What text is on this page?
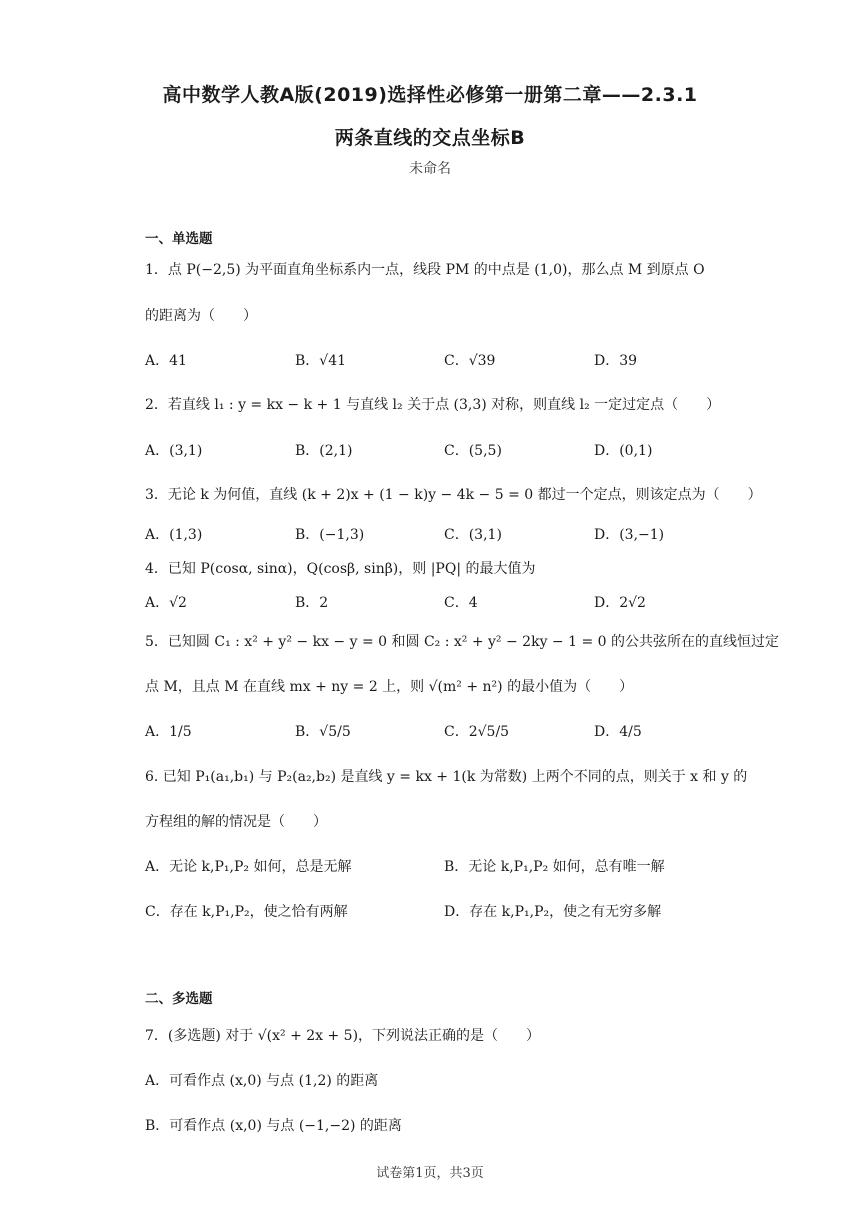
高中数学人教A版(2019)选择性必修第一册第二章——2.3.1
两条直线的交点坐标B
未命名
一、单选题
1．点 P(−2,5) 为平面直角坐标系内一点，线段 PM 的中点是 (1,0)，那么点 M 到原点 O
的距离为（　　）
A．41	B．√41	C．√39	D．39
2．若直线 l₁ : y = kx − k + 1 与直线 l₂ 关于点 (3,3) 对称，则直线 l₂ 一定过定点（　　）
A．(3,1)	B．(2,1)	C．(5,5)	D．(0,1)
3．无论 k 为何值，直线 (k + 2)x + (1 − k)y − 4k − 5 = 0 都过一个定点，则该定点为（　　）
A．(1,3)	B．(−1,3)	C．(3,1)	D．(3,−1)
4．已知 P(cosα, sinα)，Q(cosβ, sinβ)，则 |PQ| 的最大值为
A．√2	B．2	C．4	D．2√2
5．已知圆 C₁ : x² + y² − kx − y = 0 和圆 C₂ : x² + y² − 2ky − 1 = 0 的公共弦所在的直线恒过定
点 M，且点 M 在直线 mx + ny = 2 上，则 √(m² + n²) 的最小值为（　　）
A．1/5	B．√5/5	C．2√5/5	D．4/5
6. 已知 P₁(a₁,b₁) 与 P₂(a₂,b₂) 是直线 y = kx + 1(k 为常数) 上两个不同的点，则关于 x 和 y 的
方程组的解的情况是（　　）
A．无论 k,P₁,P₂ 如何，总是无解	B．无论 k,P₁,P₂ 如何，总有唯一解
C．存在 k,P₁,P₂，使之恰有两解	D．存在 k,P₁,P₂，使之有无穷多解
二、多选题
7．(多选题) 对于 √(x² + 2x + 5)，下列说法正确的是（　　）
A．可看作点 (x,0) 与点 (1,2) 的距离
B．可看作点 (x,0) 与点 (−1,−2) 的距离
试卷第1页，共3页
